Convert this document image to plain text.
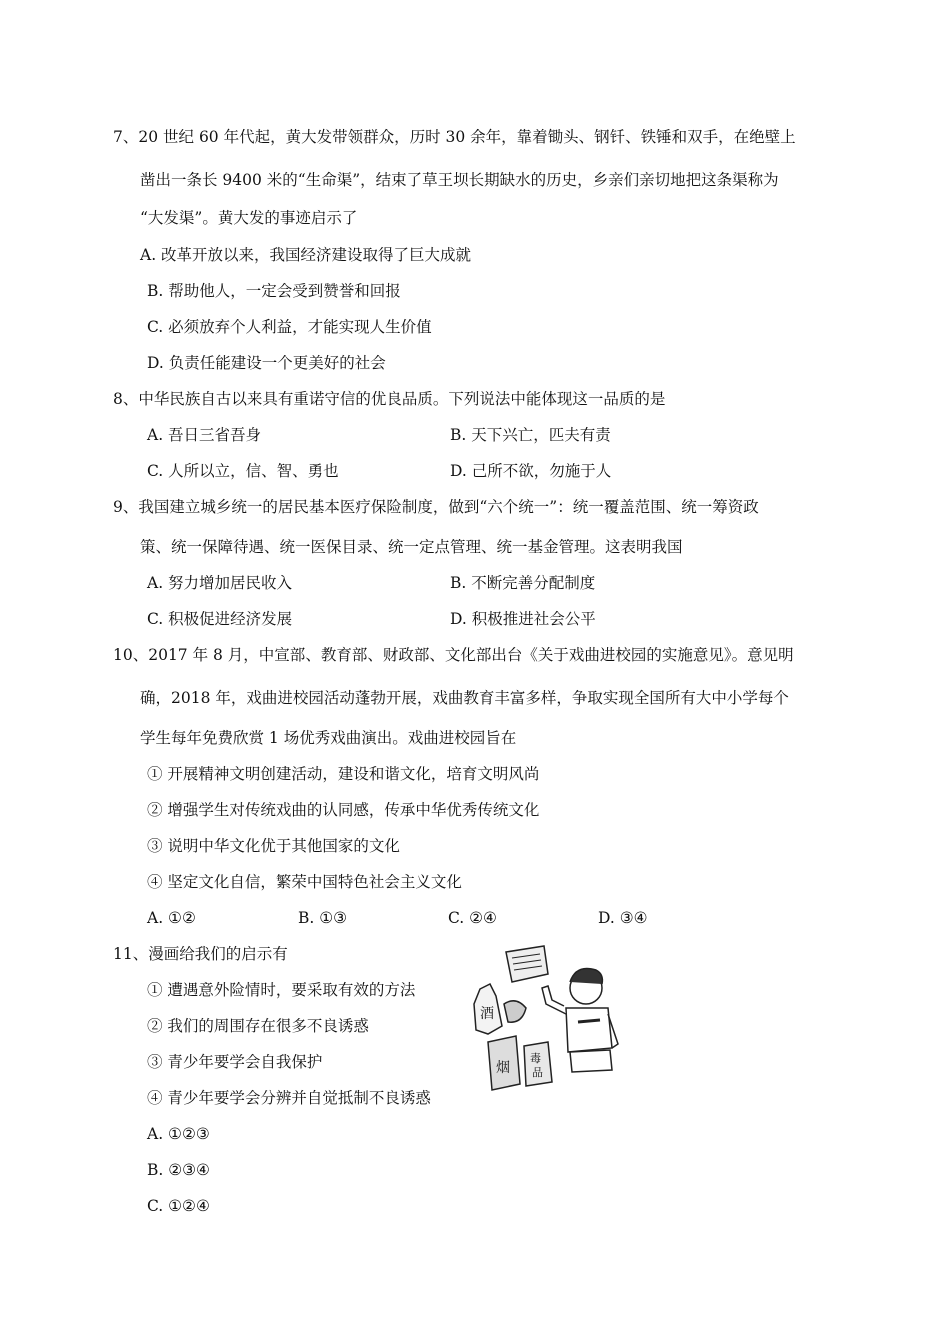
7、20 世纪 60 年代起，黄大发带领群众，历时 30 余年，靠着锄头、钢钎、铁锤和双手，在绝壁上
凿出一条长 9400 米的“生命渠”，结束了草王坝长期缺水的历史，乡亲们亲切地把这条渠称为
“大发渠”。黄大发的事迹启示了
A. 改革开放以来，我国经济建设取得了巨大成就
B. 帮助他人，一定会受到赞誉和回报
C. 必须放弃个人利益，才能实现人生价值
D. 负责任能建设一个更美好的社会
8、中华民族自古以来具有重诺守信的优良品质。下列说法中能体现这一品质的是
A. 吾日三省吾身	B. 天下兴亡，匹夫有责
C. 人所以立，信、智、勇也	D. 己所不欲，勿施于人
9、我国建立城乡统一的居民基本医疗保险制度，做到“六个统一”：统一覆盖范围、统一筹资政
策、统一保障待遇、统一医保目录、统一定点管理、统一基金管理。这表明我国
A. 努力增加居民收入	B. 不断完善分配制度
C. 积极促进经济发展	D. 积极推进社会公平
10、2017 年 8 月，中宣部、教育部、财政部、文化部出台《关于戏曲进校园的实施意见》。意见明
确，2018 年，戏曲进校园活动蓬勃开展，戏曲教育丰富多样，争取实现全国所有大中小学每个
学生每年免费欣赏 1 场优秀戏曲演出。戏曲进校园旨在
① 开展精神文明创建活动，建设和谐文化，培育文明风尚
② 增强学生对传统戏曲的认同感，传承中华优秀传统文化
③ 说明中华文化优于其他国家的文化
④ 坚定文化自信，繁荣中国特色社会主义文化
A. ①②	B. ①③	C. ②④	D. ③④
11、漫画给我们的启示有
① 遭遇意外险情时，要采取有效的方法
② 我们的周围存在很多不良诱惑
③ 青少年要学会自我保护
④ 青少年要学会分辨并自觉抵制不良诱惑
A. ①②③
B. ②③④
C. ①②④
酒
烟
毒
品
